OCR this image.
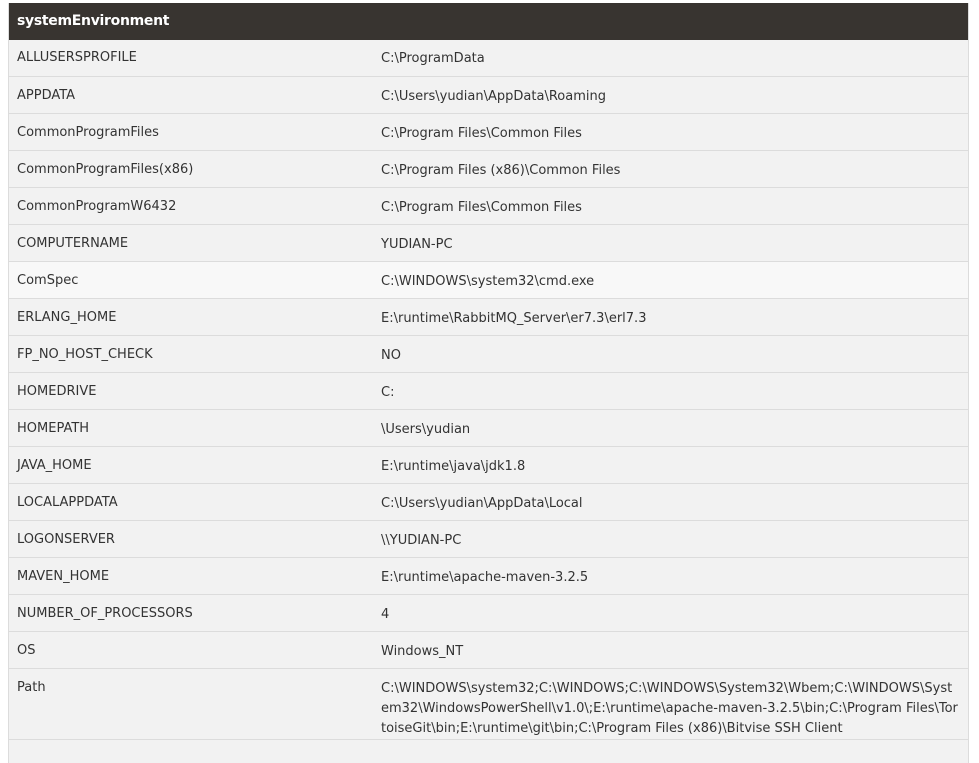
systemEnvironment
ALLUSERSPROFILE	C:\ProgramData
APPDATA	C:\Users\yudian\AppData\Roaming
CommonProgramFiles	C:\Program Files\Common Files
CommonProgramFiles(x86)	C:\Program Files (x86)\Common Files
CommonProgramW6432	C:\Program Files\Common Files
COMPUTERNAME	YUDIAN-PC
ComSpec	C:\WINDOWS\system32\cmd.exe
ERLANG_HOME	E:\runtime\RabbitMQ_Server\er7.3\erl7.3
FP_NO_HOST_CHECK	NO
HOMEDRIVE	C:
HOMEPATH	\Users\yudian
JAVA_HOME	E:\runtime\java\jdk1.8
LOCALAPPDATA	C:\Users\yudian\AppData\Local
LOGONSERVER	\\YUDIAN-PC
MAVEN_HOME	E:\runtime\apache-maven-3.2.5
NUMBER_OF_PROCESSORS	4
OS	Windows_NT
Path	C:\WINDOWS\system32;C:\WINDOWS;C:\WINDOWS\System32\Wbem;C:\WINDOWS\System32\WindowsPowerShell\v1.0\;E:\runtime\apache-maven-3.2.5\bin;C:\Program Files\TortoiseGit\bin;E:\runtime\git\bin;C:\Program Files (x86)\Bitvise SSH Client
